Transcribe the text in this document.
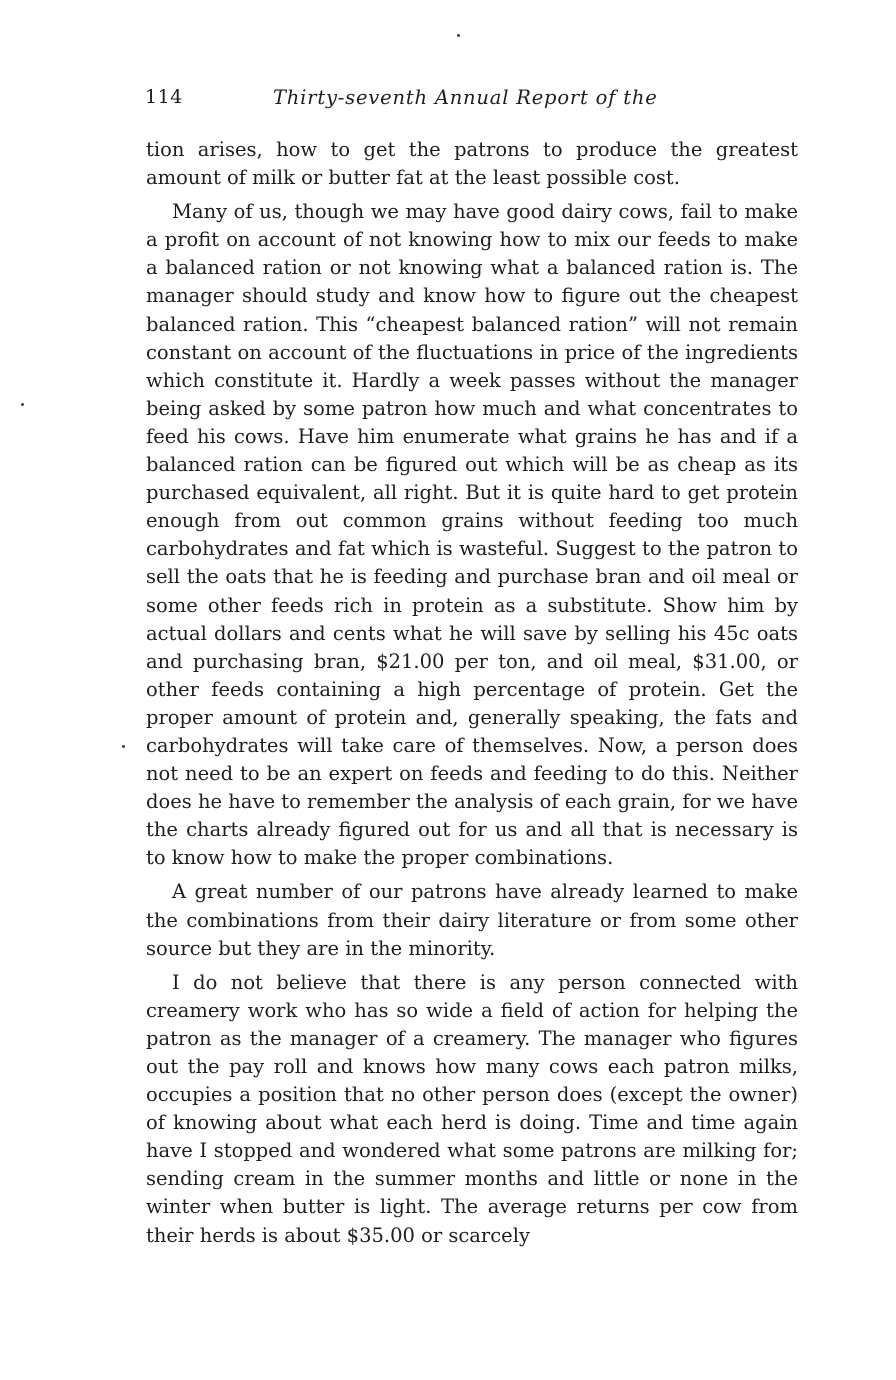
114	Thirty-seventh Annual Report of the

tion arises, how to get the patrons to produce the greatest amount of milk or butter fat at the least possible cost.

Many of us, though we may have good dairy cows, fail to make a profit on account of not knowing how to mix our feeds to make a balanced ration or not knowing what a balanced ration is. The manager should study and know how to figure out the cheapest balanced ration. This “cheapest balanced ration” will not remain constant on account of the fluctuations in price of the ingredients which constitute it. Hardly a week passes without the manager being asked by some patron how much and what concentrates to feed his cows. Have him enumerate what grains he has and if a balanced ration can be figured out which will be as cheap as its purchased equivalent, all right. But it is quite hard to get protein enough from out common grains without feeding too much carbohydrates and fat which is wasteful. Suggest to the patron to sell the oats that he is feeding and purchase bran and oil meal or some other feeds rich in protein as a substitute. Show him by actual dollars and cents what he will save by selling his 45c oats and purchasing bran, $21.00 per ton, and oil meal, $31.00, or other feeds containing a high percentage of protein. Get the proper amount of protein and, generally speaking, the fats and carbohydrates will take care of themselves. Now, a person does not need to be an expert on feeds and feeding to do this. Neither does he have to remember the analysis of each grain, for we have the charts already figured out for us and all that is necessary is to know how to make the proper combinations.

A great number of our patrons have already learned to make the combinations from their dairy literature or from some other source but they are in the minority.

I do not believe that there is any person connected with creamery work who has so wide a field of action for helping the patron as the manager of a creamery. The manager who figures out the pay roll and knows how many cows each patron milks, occupies a position that no other person does (except the owner) of knowing about what each herd is doing. Time and time again have I stopped and wondered what some patrons are milking for; sending cream in the summer months and little or none in the winter when butter is light. The average returns per cow from their herds is about $35.00 or scarcely
